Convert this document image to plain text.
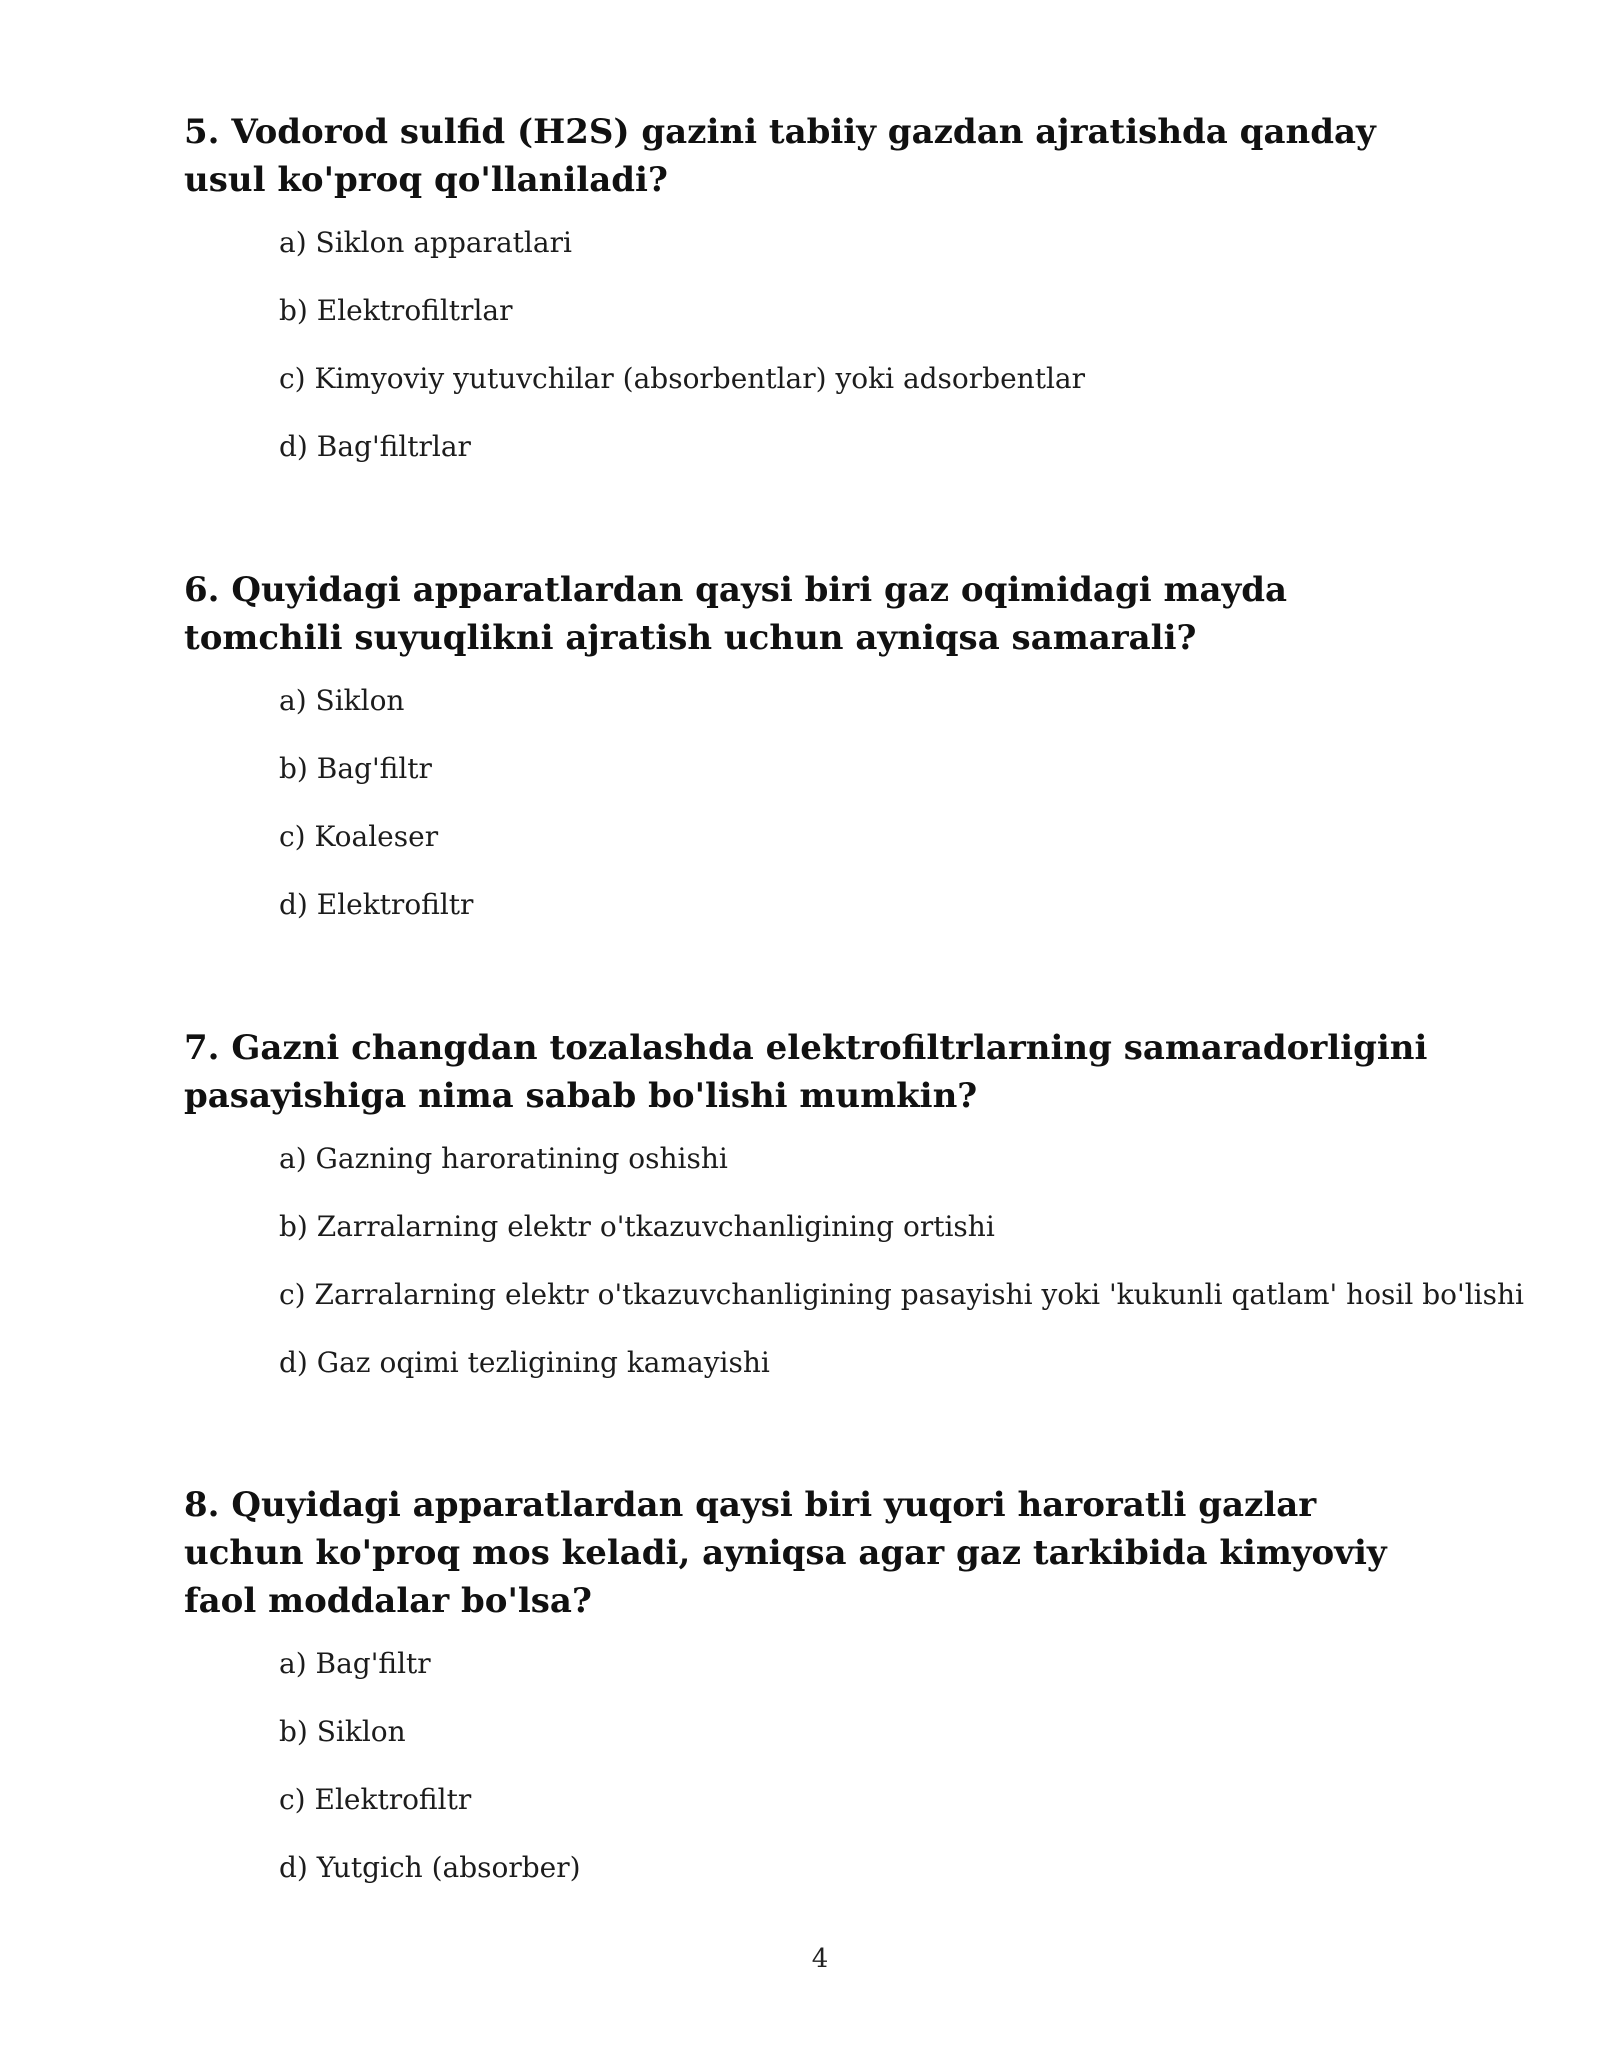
5. Vodorod sulfid (H2S) gazini tabiiy gazdan ajratishda qanday usul ko'proq qo'llaniladi?

a) Siklon apparatlari
b) Elektrofiltrlar
c) Kimyoviy yutuvchilar (absorbentlar) yoki adsorbentlar
d) Bag'filtrlar

6. Quyidagi apparatlardan qaysi biri gaz oqimidagi mayda tomchili suyuqlikni ajratish uchun ayniqsa samarali?

a) Siklon
b) Bag'filtr
c) Koaleser
d) Elektrofiltr

7. Gazni changdan tozalashda elektrofiltrlarning samaradorligini pasayishiga nima sabab bo'lishi mumkin?

a) Gazning haroratining oshishi
b) Zarralarning elektr o'tkazuvchanligining ortishi
c) Zarralarning elektr o'tkazuvchanligining pasayishi yoki 'kukunli qatlam' hosil bo'lishi
d) Gaz oqimi tezligining kamayishi

8. Quyidagi apparatlardan qaysi biri yuqori haroratli gazlar uchun ko'proq mos keladi, ayniqsa agar gaz tarkibida kimyoviy faol moddalar bo'lsa?

a) Bag'filtr
b) Siklon
c) Elektrofiltr
d) Yutgich (absorber)
4
